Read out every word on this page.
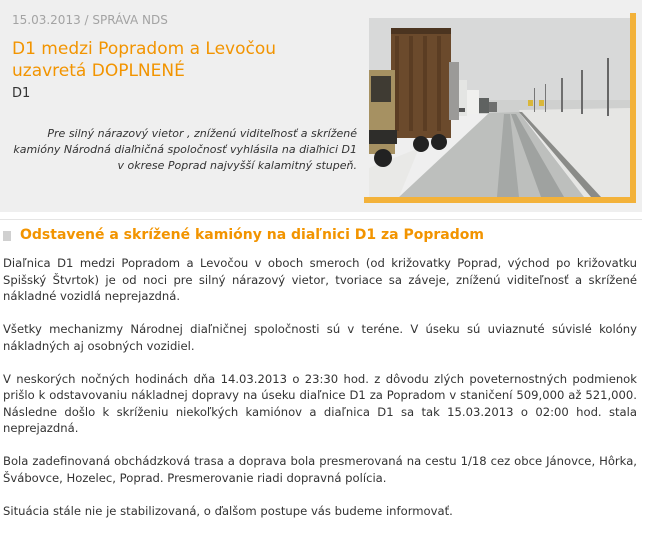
15.03.2013 / SPRÁVA NDS
D1 medzi Popradom a Levočou uzavretá DOPLNENÉ
D1
Pre silný nárazový vietor , zníženú viditeľnosť a skrížené kamióny Národná diaľničná spoločnosť vyhlásila na diaľnici D1 v okrese Poprad najvyšší kalamitný stupeň.
Odstavené a skrížené kamióny na diaľnici D1 za Popradom

Diaľnica D1 medzi Popradom a Levočou v oboch smeroch (od križovatky Poprad, východ po križovatku Spišský Štvrtok) je od noci pre silný nárazový vietor, tvoriace sa záveje, zníženú viditeľnosť a skrížené nákladné vozidlá nepreјazdná.

Všetky mechanizmy Národnej diaľničnej spoločnosti sú v teréne. V úseku sú uviaznuté súvislé kolóny nákladných aj osobných vozidiel.

V neskorých nočných hodinách dňa 14.03.2013 o 23:30 hod. z dôvodu zlých poveternostných podmienok prišlo k odstavovaniu nákladnej dopravy na úseku diaľnice D1 za Popradom v staničení 509,000 až 521,000. Následne došlo k skríženiu niekoľkých kamiónov a diaľnica D1 sa tak 15.03.2013 o 02:00 hod. stala neprejazdná.

Bola zadefinovaná obchádzková trasa a doprava bola presmerovaná na cestu 1/18 cez obce Jánovce, Hôrka, Švábovce, Hozelec, Poprad. Presmerovanie riadi dopravná polícia.

Situácia stále nie je stabilizovaná, o ďalšom postupe vás budeme informovať.
